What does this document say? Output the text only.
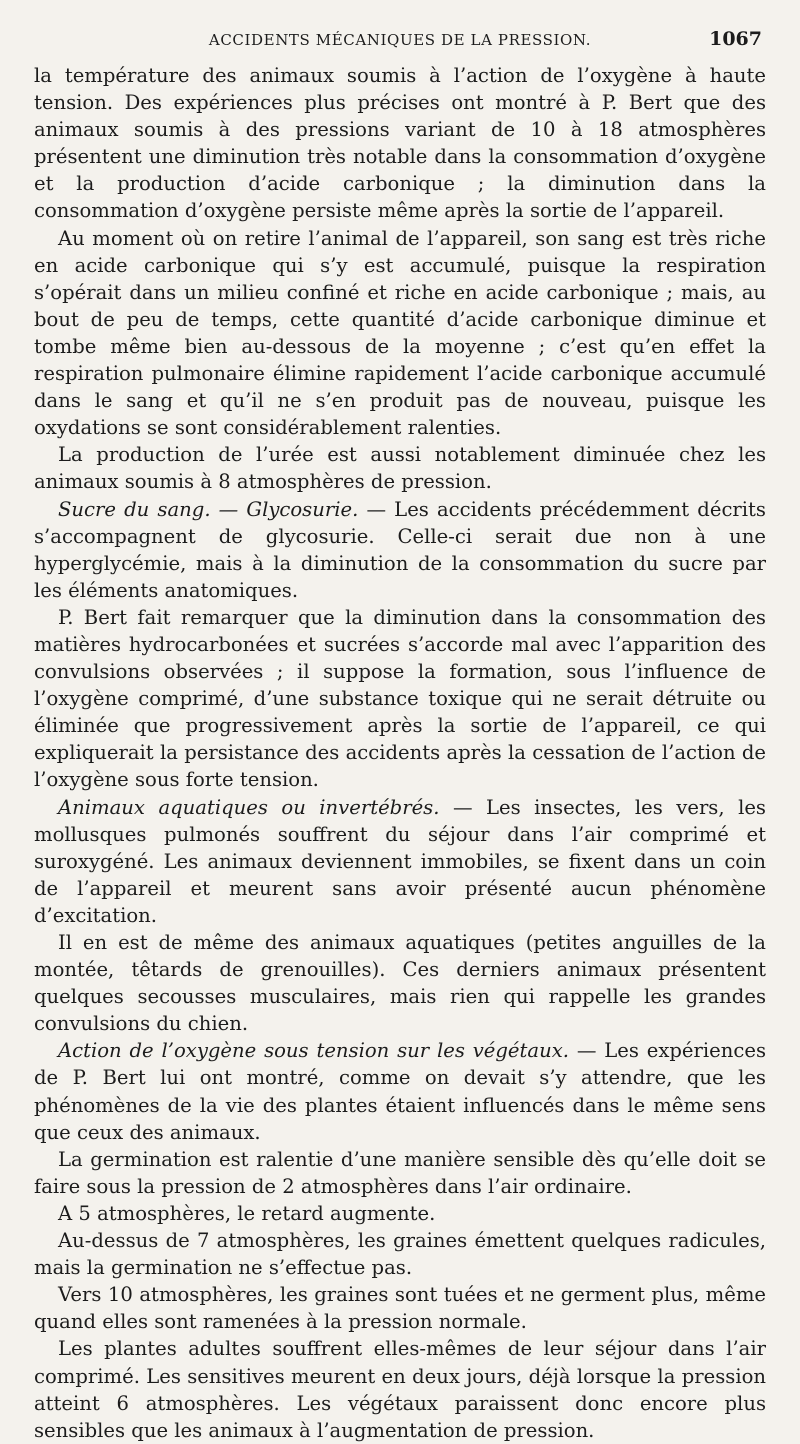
ACCIDENTS MÉCANIQUES DE LA PRESSION.	1067

la température des animaux soumis à l’action de l’oxygène à haute tension. Des expériences plus précises ont montré à P. Bert que des animaux soumis à des pressions variant de 10 à 18 atmosphères présentent une diminution très notable dans la consommation d’oxygène et la production d’acide carbonique ; la diminution dans la consommation d’oxygène persiste même après la sortie de l’appareil.

Au moment où on retire l’animal de l’appareil, son sang est très riche en acide carbonique qui s’y est accumulé, puisque la respiration s’opérait dans un milieu confiné et riche en acide carbonique ; mais, au bout de peu de temps, cette quantité d’acide carbonique diminue et tombe même bien au-dessous de la moyenne ; c’est qu’en effet la respiration pulmonaire élimine rapidement l’acide carbonique accumulé dans le sang et qu’il ne s’en produit pas de nouveau, puisque les oxydations se sont considérablement ralenties.

La production de l’urée est aussi notablement diminuée chez les animaux soumis à 8 atmosphères de pression.

Sucre du sang. — Glycosurie. — Les accidents précédemment décrits s’accompagnent de glycosurie. Celle-ci serait due non à une hyperglycémie, mais à la diminution de la consommation du sucre par les éléments anatomiques.

P. Bert fait remarquer que la diminution dans la consommation des matières hydrocarbonées et sucrées s’accorde mal avec l’apparition des convulsions observées ; il suppose la formation, sous l’influence de l’oxygène comprimé, d’une substance toxique qui ne serait détruite ou éliminée que progressivement après la sortie de l’appareil, ce qui expliquerait la persistance des accidents après la cessation de l’action de l’oxygène sous forte tension.

Animaux aquatiques ou invertébrés. — Les insectes, les vers, les mollusques pulmonés souffrent du séjour dans l’air comprimé et suroxygéné. Les animaux deviennent immobiles, se fixent dans un coin de l’appareil et meurent sans avoir présenté aucun phénomène d’excitation.

Il en est de même des animaux aquatiques (petites anguilles de la montée, têtards de grenouilles). Ces derniers animaux présentent quelques secousses musculaires, mais rien qui rappelle les grandes convulsions du chien.

Action de l’oxygène sous tension sur les végétaux. — Les expériences de P. Bert lui ont montré, comme on devait s’y attendre, que les phénomènes de la vie des plantes étaient influencés dans le même sens que ceux des animaux.

La germination est ralentie d’une manière sensible dès qu’elle doit se faire sous la pression de 2 atmosphères dans l’air ordinaire.

A 5 atmosphères, le retard augmente.

Au-dessus de 7 atmosphères, les graines émettent quelques radicules, mais la germination ne s’effectue pas.

Vers 10 atmosphères, les graines sont tuées et ne germent plus, même quand elles sont ramenées à la pression normale.

Les plantes adultes souffrent elles-mêmes de leur séjour dans l’air comprimé. Les sensitives meurent en deux jours, déjà lorsque la pression atteint 6 atmosphères. Les végétaux paraissent donc encore plus sensibles que les animaux à l’augmentation de pression.
